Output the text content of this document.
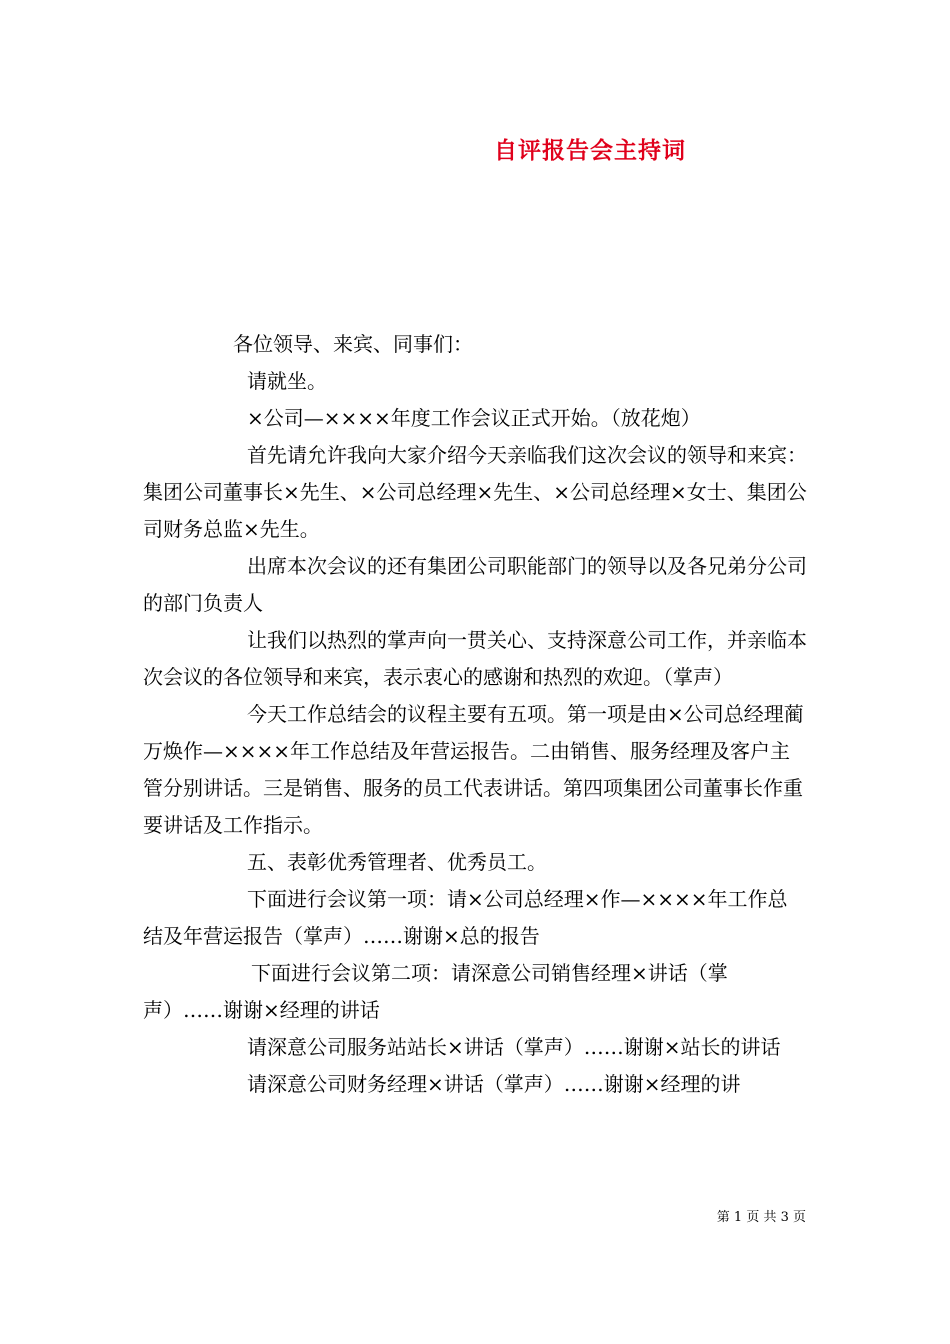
自评报告会主持词

各位领导、来宾、同事们：

请就坐。

×公司—××××年度工作会议正式开始。（放花炮）

首先请允许我向大家介绍今天亲临我们这次会议的领导和来宾：集团公司董事长×先生、×公司总经理×先生、×公司总经理×女士、集团公司财务总监×先生。

出席本次会议的还有集团公司职能部门的领导以及各兄弟分公司的部门负责人

让我们以热烈的掌声向一贯关心、支持深意公司工作，并亲临本次会议的各位领导和来宾，表示衷心的感谢和热烈的欢迎。（掌声）

今天工作总结会的议程主要有五项。第一项是由×公司总经理蔺万焕作—××××年工作总结及年营运报告。二由销售、服务经理及客户主管分别讲话。三是销售、服务的员工代表讲话。第四项集团公司董事长作重要讲话及工作指示。

五、表彰优秀管理者、优秀员工。

下面进行会议第一项：请×公司总经理×作—××××年工作总结及年营运报告（掌声）……谢谢×总的报告

下面进行会议第二项：请深意公司销售经理×讲话（掌声）……谢谢×经理的讲话

请深意公司服务站站长×讲话（掌声）……谢谢×站长的讲话

请深意公司财务经理×讲话（掌声）……谢谢×经理的讲

第 1 页 共 3 页
